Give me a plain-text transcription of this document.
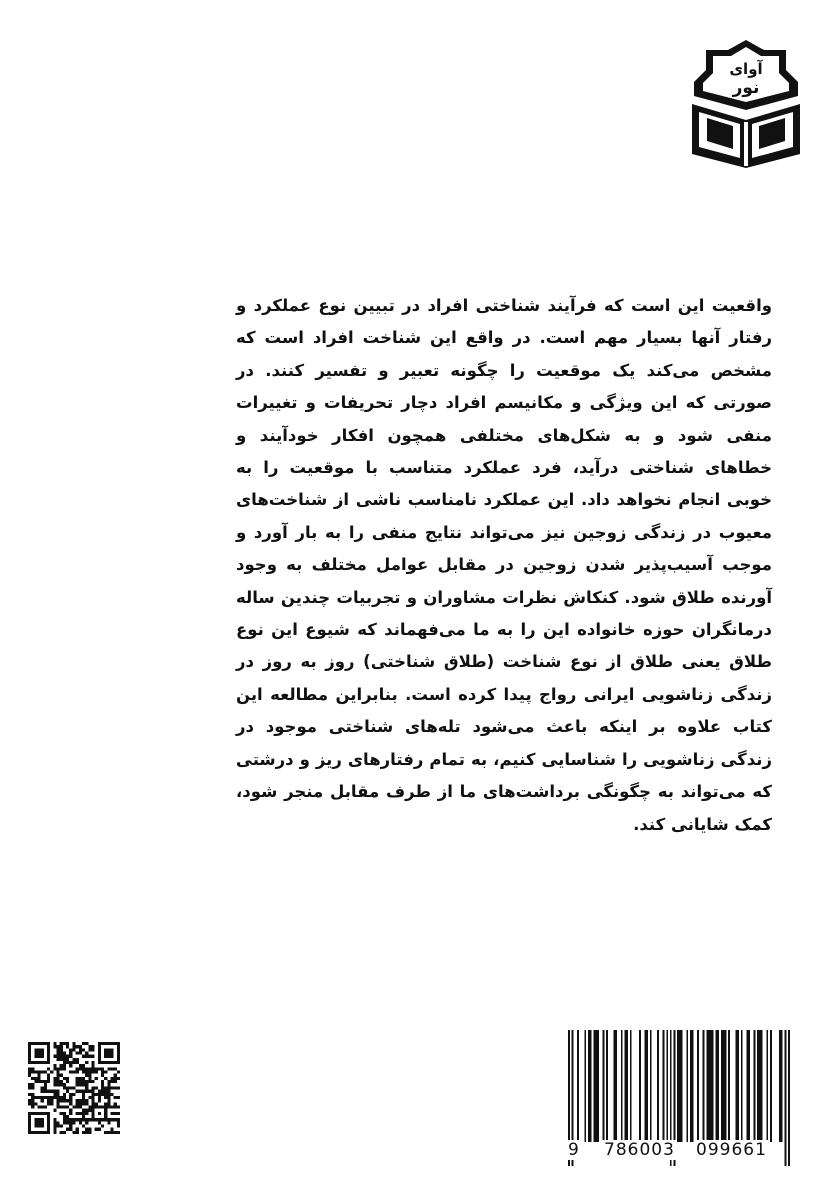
آوای
نور

واقعیت این است که فرآیند شناختی افراد در تبیین نوع عملکرد و رفتار آنها بسیار مهم است. در واقع این شناخت افراد است که مشخص می‌کند یک موقعیت را چگونه تعبیر و تفسیر کنند. در صورتی که این ویژگی و مکانیسم افراد دچار تحریفات و تغییرات منفی شود و به شکل‌های مختلفی همچون افکار خودآیند و خطاهای شناختی درآید، فرد عملکرد متناسب با موقعیت را به خوبی انجام نخواهد داد. این عملکرد نامناسب ناشی از شناخت‌های معیوب در زندگی زوجین نیز می‌تواند نتایج منفی را به بار آورد و موجب آسیب‌پذیر شدن زوجین در مقابل عوامل مختلف به وجود آورنده طلاق شود. کنکاش نظرات مشاوران و تجربیات چندین ساله درمانگران حوزه خانواده این را به ما می‌فهماند که شیوع این نوع طلاق یعنی طلاق از نوع شناخت (طلاق شناختی) روز به روز در زندگی زناشویی ایرانی رواج پیدا کرده است. بنابراین مطالعه این کتاب علاوه بر اینکه باعث می‌شود تله‌های شناختی موجود در زندگی زناشویی را شناسایی کنیم، به تمام رفتارهای ریز و درشتی که می‌تواند به چگونگی برداشت‌های ما از طرف مقابل منجر شود، کمک شایانی کند.

9 786003 099661
